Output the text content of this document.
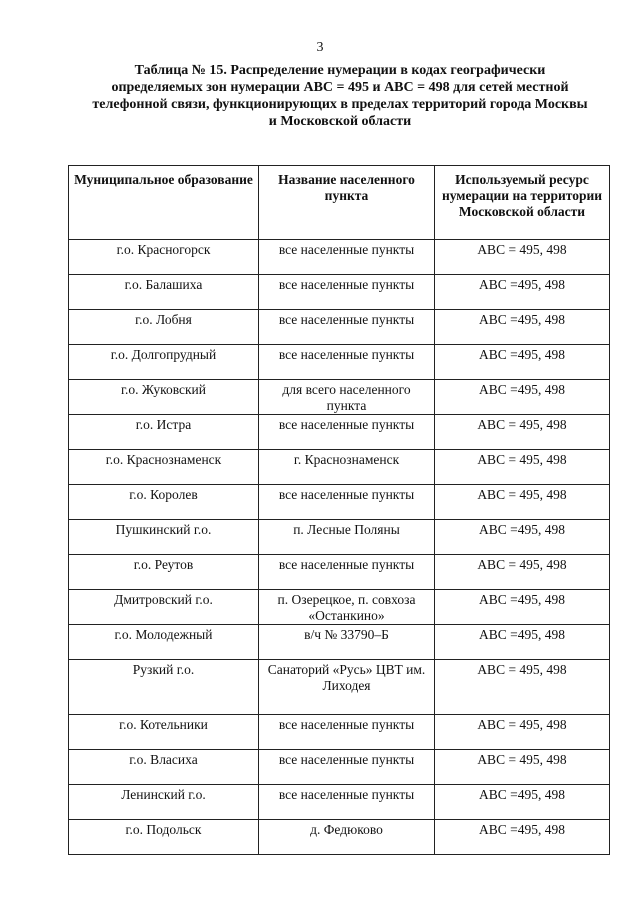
3
Таблица № 15. Распределение нумерации в кодах географически
определяемых зон нумерации АВС = 495 и АВС = 498 для сетей местной
телефонной связи, функционирующих в пределах территорий города Москвы
и Московской области
Муниципальное образование	Название населенного пункта	Используемый ресурс нумерации на территории Московской области
г.о. Красногорск	все населенные пункты	АВС = 495, 498
г.о. Балашиха	все населенные пункты	АВС =495, 498
г.о. Лобня	все населенные пункты	АВС =495, 498
г.о. Долгопрудный	все населенные пункты	АВС =495, 498
г.о. Жуковский	для всего населенного пункта	АВС =495, 498
г.о. Истра	все населенные пункты	АВС = 495, 498
г.о. Краснознаменск	г. Краснознаменск	АВС = 495, 498
г.о. Королев	все населенные пункты	АВС = 495, 498
Пушкинский г.о.	п. Лесные Поляны	АВС =495, 498
г.о. Реутов	все населенные пункты	АВС = 495, 498
Дмитровский г.о.	п. Озерецкое, п. совхоза «Останкино»	АВС =495, 498
г.о. Молодежный	в/ч № 33790–Б	АВС =495, 498
Рузкий г.о.	Санаторий «Русь» ЦВТ им. Лиходея	АВС = 495, 498
г.о. Котельники	все населенные пункты	АВС = 495, 498
г.о. Власиха	все населенные пункты	АВС = 495, 498
Ленинский г.о.	все населенные пункты	АВС =495, 498
г.о. Подольск	д. Федюково	АВС =495, 498
